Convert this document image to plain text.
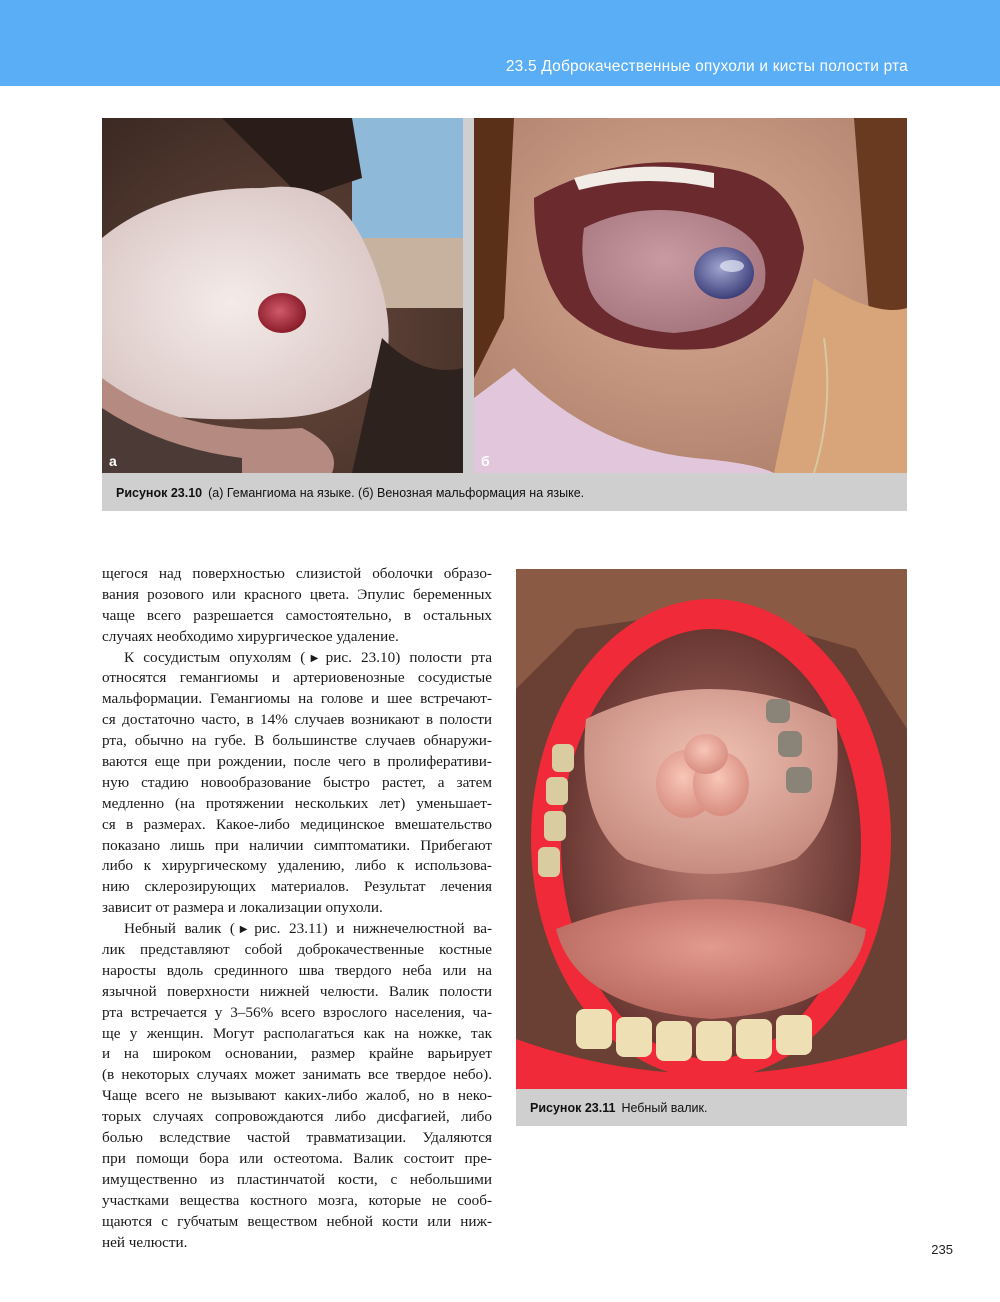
23.5 Доброкачественные опухоли и кисты полости рта
а	б
Рисунок 23.10 (а) Гемангиома на языке. (б) Венозная мальформация на языке.
Рисунок 23.11 Небный валик.
щегося над поверхностью слизистой оболочки образо-
вания розового или красного цвета. Эпулис беременных
чаще всего разрешается самостоятельно, в остальных
случаях необходимо хирургическое удаление.
К сосудистым опухолям (▶ рис. 23.10) полости рта
относятся гемангиомы и артериовенозные сосудистые
мальформации. Гемангиомы на голове и шее встречают-
ся достаточно часто, в 14% случаев возникают в полости
рта, обычно на губе. В большинстве случаев обнаружи-
ваются еще при рождении, после чего в пролиферативи-
ную стадию новообразование быстро растет, а затем
медленно (на протяжении нескольких лет) уменьшает-
ся в размерах. Какое-либо медицинское вмешательство
показано лишь при наличии симптоматики. Прибегают
либо к хирургическому удалению, либо к использова-
нию склерозирующих материалов. Результат лечения
зависит от размера и локализации опухоли.
Небный валик (▶ рис. 23.11) и нижнечелюстной ва-
лик представляют собой доброкачественные костные
наросты вдоль срединного шва твердого неба или на
язычной поверхности нижней челюсти. Валик полости
рта встречается у 3–56% всего взрослого населения, ча-
ще у женщин. Могут располагаться как на ножке, так
и на широком основании, размер крайне варьирует
(в некоторых случаях может занимать все твердое небо).
Чаще всего не вызывают каких-либо жалоб, но в неко-
торых случаях сопровождаются либо дисфагией, либо
болью вследствие частой травматизации. Удаляются
при помощи бора или остеотома. Валик состоит пре-
имущественно из пластинчатой кости, с небольшими
участками вещества костного мозга, которые не сооб-
щаются с губчатым веществом небной кости или ниж-
ней челюсти.	235
